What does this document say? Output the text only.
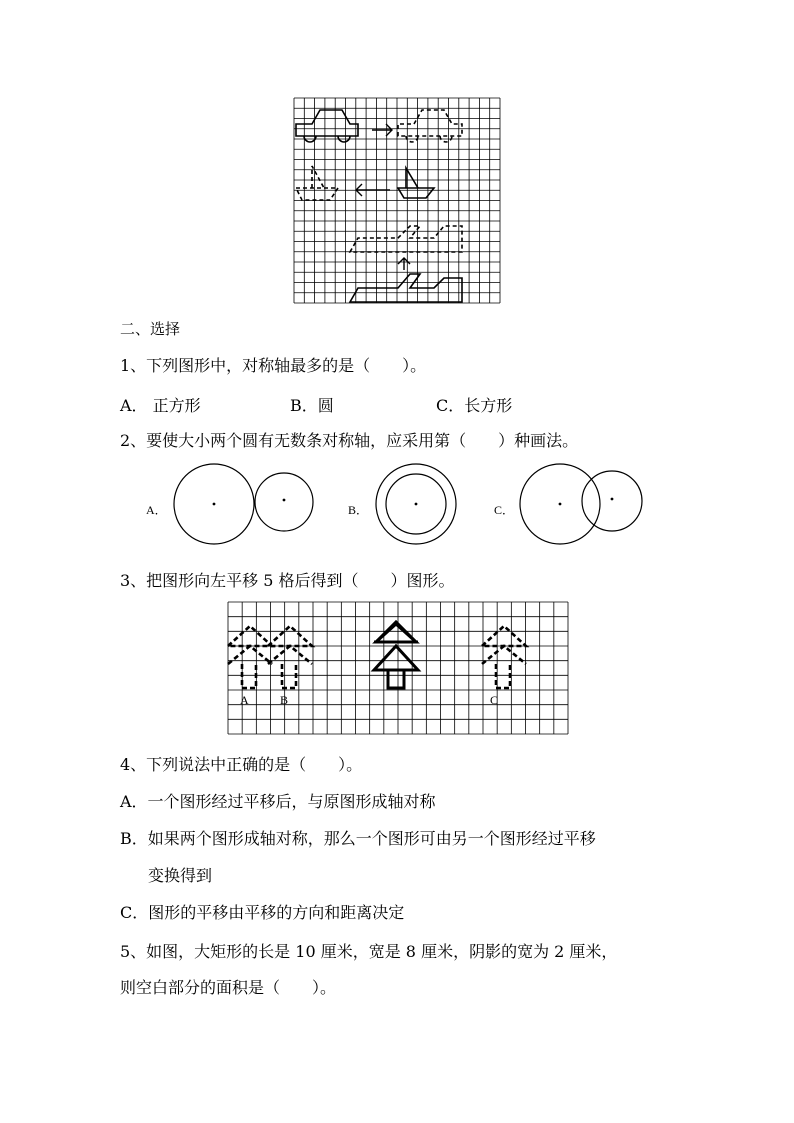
二、选择
1、下列图形中，对称轴最多的是（　　）。
A． 正方形	B．圆	C．长方形
2、要使大小两个圆有无数条对称轴，应采用第（　　）种画法。
A．	B．	C．
3、把图形向左平移 5 格后得到（　　）图形。
A	B	C
4、下列说法中正确的是（　　）。
A．一个图形经过平移后，与原图形成轴对称
B．如果两个图形成轴对称，那么一个图形可由另一个图形经过平移
变换得到
C．图形的平移由平移的方向和距离决定
5、如图，大矩形的长是 10 厘米，宽是 8 厘米，阴影的宽为 2 厘米，
则空白部分的面积是（　　）。
